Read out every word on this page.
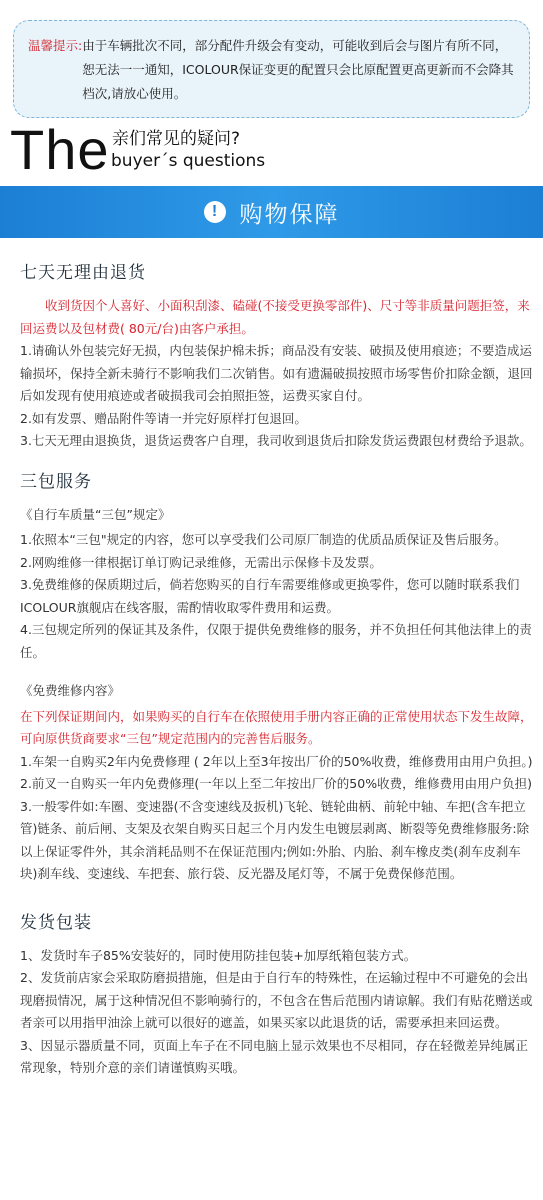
温馨提示: 由于车辆批次不同，部分配件升级会有变动，可能收到后会与图片有所不同，恕无法一一通知，ICOLOUR保证变更的配置只会比原配置更高更新而不会降其档次,请放心使用。
The 亲们常见的疑问?
buyer´s questions
! 购物保障
七天无理由退货
收到货因个人喜好、小面积刮漆、磕碰(不接受更换零部件)、尺寸等非质量问题拒签，来回运费以及包材费( 80元/台)由客户承担。
1.请确认外包装完好无损，内包装保护棉未拆；商品没有安装、破损及使用痕迹；不要造成运输损坏，保持全新未骑行不影响我们二次销售。如有遗漏破损按照市场零售价扣除金额，退回后如发现有使用痕迹或者破损我司会拍照拒签，运费买家自付。
2.如有发票、赠品附件等请一并完好原样打包退回。
3.七天无理由退换货，退货运费客户自理，我司收到退货后扣除发货运费跟包材费给予退款。
三包服务
《自行车质量“三包”规定》
1.依照本“三包"规定的内容，您可以享受我们公司原厂制造的优质品质保证及售后服务。
2.网购维修一律根据订单订购记录维修，无需出示保修卡及发票。
3.免费维修的保质期过后，倘若您购买的自行车需要维修或更换零件，您可以随时联系我们ICOLOUR旗舰店在线客服，需酌情收取零件费用和运费。
4.三包规定所列的保证其及条件，仅限于提供免费维修的服务，并不负担任何其他法律上的责任。
《免费维修内容》
在下列保证期间内，如果购买的自行车在依照使用手册内容正确的正常使用状态下发生故障，可向原供货商要求“三包”规定范围内的完善售后服务。
1.车架一自购买2年内免费修理 ( 2年以上至3年按出厂价的50%收费，维修费用由用户负担。)
2.前叉一自购买一年内免费修理(一年以上至二年按出厂价的50%收费，维修费用由用户负担)
3.一般零件如:车圈、变速器(不含变速线及扳机)飞轮、链轮曲柄、前轮中轴、车把(含车把立管)链条、前后闸、支架及衣架自购买日起三个月内发生电镀层剥离、断裂等免费维修服务:除以上保证零件外，其余消耗品则不在保证范围内;例如:外胎、内胎、刹车橡皮类(刹车皮刹车块)刹车线、变速线、车把套、旅行袋、反光器及尾灯等，不属于免费保修范围。
发货包装
1、发货时车子85%安装好的，同时使用防挂包装+加厚纸箱包装方式。
2、发货前店家会采取防磨损措施，但是由于自行车的特殊性，在运输过程中不可避免的会出现磨损情况，属于这种情况但不影响骑行的，不包含在售后范围内请谅解。我们有贴花赠送或者亲可以用指甲油涂上就可以很好的遮盖，如果买家以此退货的话，需要承担来回运费。
3、因显示器质量不同，页面上车子在不同电脑上显示效果也不尽相同，存在轻微差异纯属正常现象，特别介意的亲们请谨慎购买哦。
